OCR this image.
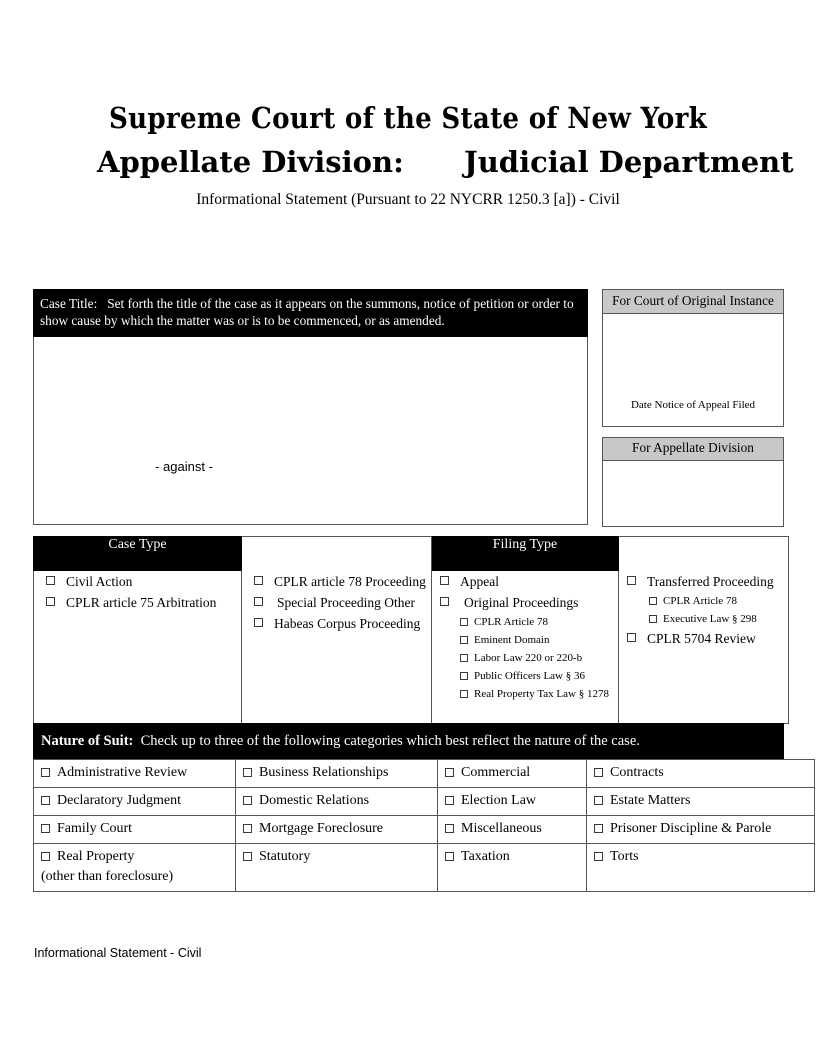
Supreme Court of the State of New York
Appellate Division: Judicial Department
Informational Statement (Pursuant to 22 NYCRR 1250.3 [a]) - Civil
Case Title: Set forth the title of the case as it appears on the summons, notice of petition or order to show cause by which the matter was or is to be commenced, or as amended.
- against -
For Court of Original Instance
Date Notice of Appeal Filed
For Appellate Division
Case Type		Filing Type	

Civil Action
CPLR article 75 Arbitration

CPLR article 78 Proceeding
Special Proceeding Other
Habeas Corpus Proceeding

Appeal
Original Proceedings
CPLR Article 78
Eminent Domain
Labor Law 220 or 220-b
Public Officers Law § 36
Real Property Tax Law § 1278

Transferred Proceeding
CPLR Article 78
Executive Law § 298
CPLR 5704 Review
Nature of Suit: Check up to three of the following categories which best reflect the nature of the case.
Administrative Review	Business Relationships	Commercial	Contracts

Declaratory Judgment	Domestic Relations	Election Law	Estate Matters

Family Court	Mortgage Foreclosure	Miscellaneous	Prisoner Discipline & Parole

Real Property
(other than foreclosure)	Statutory	Taxation	Torts
Informational Statement - Civil
